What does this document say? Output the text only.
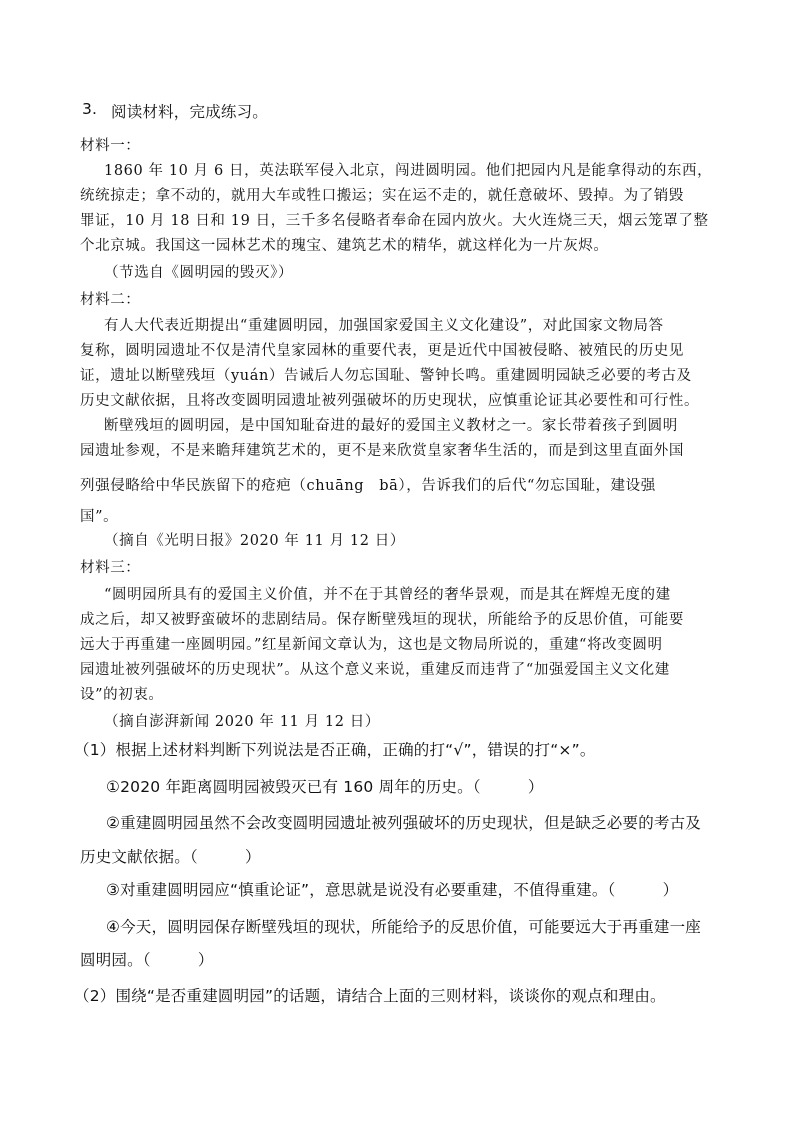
3. 阅读材料，完成练习。
材料一：
1860 年 10 月 6 日，英法联军侵入北京，闯进圆明园。他们把园内凡是能拿得动的东西，
统统掠走；拿不动的，就用大车或牲口搬运；实在运不走的，就任意破坏、毁掉。为了销毁
罪证，10 月 18 日和 19 日，三千多名侵略者奉命在园内放火。大火连烧三天，烟云笼罩了整
个北京城。我国这一园林艺术的瑰宝、建筑艺术的精华，就这样化为一片灰烬。
（节选自《圆明园的毁灭》）
材料二：
有人大代表近期提出“重建圆明园，加强国家爱国主义文化建设”，对此国家文物局答
复称，圆明园遗址不仅是清代皇家园林的重要代表，更是近代中国被侵略、被殖民的历史见
证，遗址以断壁残垣（yuán）告诫后人勿忘国耻、警钟长鸣。重建圆明园缺乏必要的考古及
历史文献依据，且将改变圆明园遗址被列强破坏的历史现状，应慎重论证其必要性和可行性。
断壁残垣的圆明园，是中国知耻奋进的最好的爱国主义教材之一。家长带着孩子到圆明
园遗址参观，不是来瞻拜建筑艺术的，更不是来欣赏皇家奢华生活的，而是到这里直面外国
列强侵略给中华民族留下的疮疤（chuāng　bā），告诉我们的后代“勿忘国耻，建设强
国”。
（摘自《光明日报》2020 年 11 月 12 日）
材料三：
“圆明园所具有的爱国主义价值，并不在于其曾经的奢华景观，而是其在辉煌无度的建
成之后，却又被野蛮破坏的悲剧结局。保存断壁残垣的现状，所能给予的反思价值，可能要
远大于再重建一座圆明园。”红星新闻文章认为，这也是文物局所说的，重建“将改变圆明
园遗址被列强破坏的历史现状”。从这个意义来说，重建反而违背了“加强爱国主义文化建
设”的初衷。
（摘自澎湃新闻 2020 年 11 月 12 日）
（1）根据上述材料判断下列说法是否正确，正确的打“√”，错误的打“×”。
①2020 年距离圆明园被毁灭已有 160 周年的历史。（　　　）
②重建圆明园虽然不会改变圆明园遗址被列强破坏的历史现状，但是缺乏必要的考古及
历史文献依据。（　　　）
③对重建圆明园应“慎重论证”，意思就是说没有必要重建，不值得重建。（　　　）
④今天，圆明园保存断壁残垣的现状，所能给予的反思价值，可能要远大于再重建一座
圆明园。（　　　）
（2）围绕“是否重建圆明园”的话题，请结合上面的三则材料，谈谈你的观点和理由。
